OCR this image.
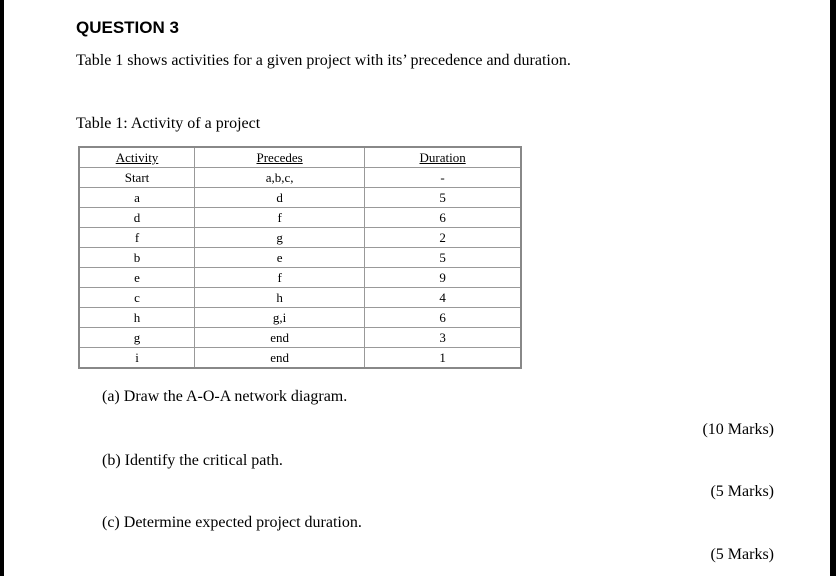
QUESTION 3
Table 1 shows activities for a given project with its’ precedence and duration.
Table 1: Activity of a project
Activity	Precedes	Duration
Start	a,b,c,	-
a	d	5
d	f	6
f	g	2
b	e	5
e	f	9
c	h	4
h	g,i	6
g	end	3
i	end	1
(a) Draw the A-O-A network diagram.
(10 Marks)
(b) Identify the critical path.
(5 Marks)
(c) Determine expected project duration.
(5 Marks)
